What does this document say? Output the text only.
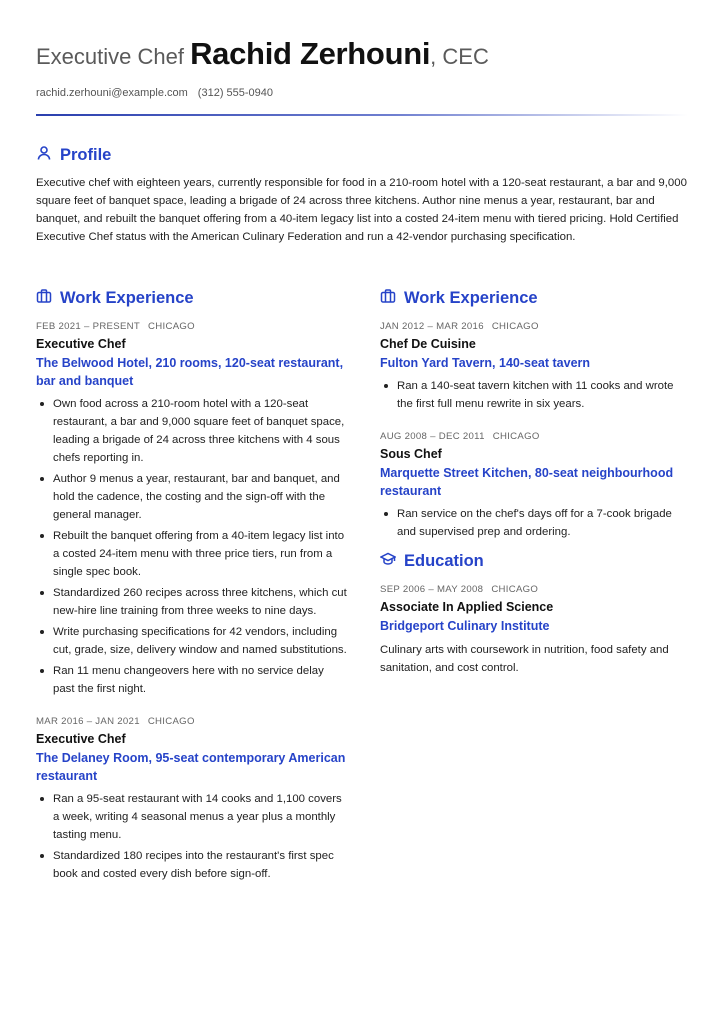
Executive Chef Rachid Zerhouni, CEC
rachid.zerhouni@example.com (312) 555-0940
Profile

Executive chef with eighteen years, currently responsible for food in a 210-room hotel with a 120-seat restaurant, a bar and 9,000 square feet of banquet space, leading a brigade of 24 across three kitchens. Author nine menus a year, restaurant, bar and banquet, and rebuilt the banquet offering from a 40-item legacy list into a costed 24-item menu with tiered pricing. Hold Certified Executive Chef status with the American Culinary Federation and run a 42-vendor purchasing specification.

Work Experience
FEB 2021 – PRESENT CHICAGO
Executive Chef
The Belwood Hotel, 210 rooms, 120-seat restaurant, bar and banquet
Own food across a 210-room hotel with a 120-seat restaurant, a bar and 9,000 square feet of banquet space, leading a brigade of 24 across three kitchens with 4 sous chefs reporting in.
Author 9 menus a year, restaurant, bar and banquet, and hold the cadence, the costing and the sign-off with the general manager.
Rebuilt the banquet offering from a 40-item legacy list into a costed 24-item menu with three price tiers, run from a single spec book.
Standardized 260 recipes across three kitchens, which cut new-hire line training from three weeks to nine days.
Write purchasing specifications for 42 vendors, including cut, grade, size, delivery window and named substitutions.
Ran 11 menu changeovers here with no service delay past the first night.
MAR 2016 – JAN 2021 CHICAGO
Executive Chef
The Delaney Room, 95-seat contemporary American restaurant
Ran a 95-seat restaurant with 14 cooks and 1,100 covers a week, writing 4 seasonal menus a year plus a monthly tasting menu.
Standardized 180 recipes into the restaurant's first spec book and costed every dish before sign-off.
Work Experience
JAN 2012 – MAR 2016 CHICAGO
Chef De Cuisine
Fulton Yard Tavern, 140-seat tavern
Ran a 140-seat tavern kitchen with 11 cooks and wrote the first full menu rewrite in six years.
AUG 2008 – DEC 2011 CHICAGO
Sous Chef
Marquette Street Kitchen, 80-seat neighbourhood restaurant
Ran service on the chef's days off for a 7-cook brigade and supervised prep and ordering.
Education
SEP 2006 – MAY 2008 CHICAGO
Associate In Applied Science
Bridgeport Culinary Institute

Culinary arts with coursework in nutrition, food safety and sanitation, and cost control.
